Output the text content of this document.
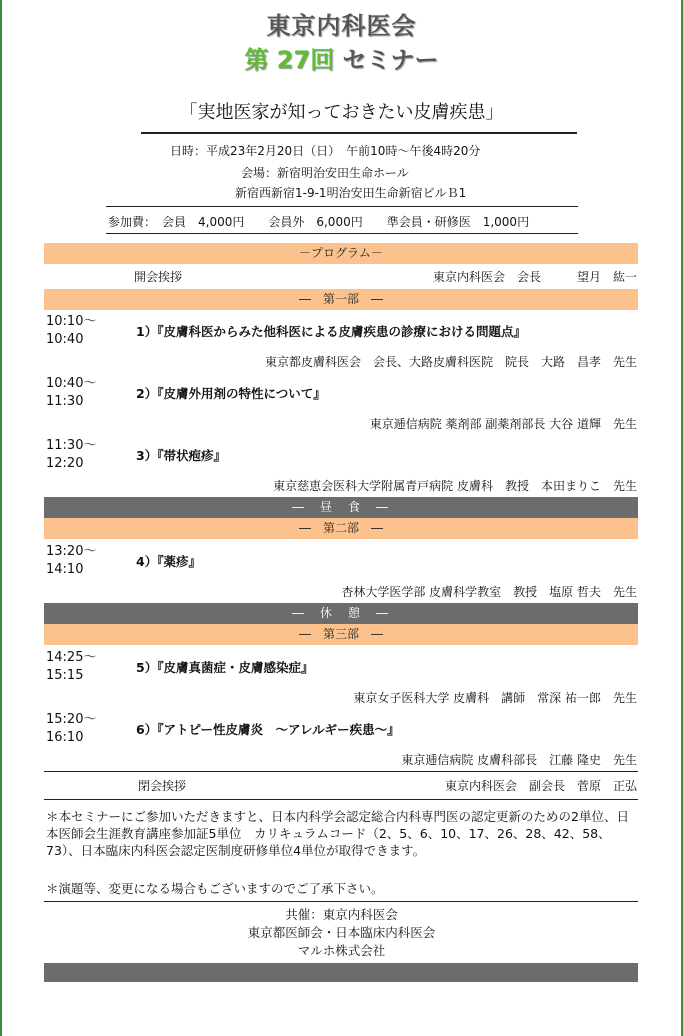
東京内科医会
第 27回 セミナー
「実地医家が知っておきたい皮膚疾患」
日時：平成23年2月20日（日）　午前10時〜午後4時20分
会場：新宿明治安田生命ホール
新宿西新宿1-9-1明治安田生命新宿ビルＢ1
参加費：　会員　4,000円　　会員外　6,000円　　準会員・研修医　1,000円
－プログラム－
開会挨拶	東京内科医会　会長　　　望月　紘一
―　第一部　―
10:10〜
10:40
1）『皮膚科医からみた他科医による皮膚疾患の診療における問題点』
東京都皮膚科医会　会長、大路皮膚科医院　院長　大路　昌孝　先生
10:40〜
11:30
2）『皮膚外用剤の特性について』
東京逓信病院 薬剤部 副薬剤部長 大谷 道輝　先生
11:30〜
12:20
3）『帯状疱疹』
東京慈恵会医科大学附属青戸病院 皮膚科　教授　本田まりこ　先生
―　昼　食　―
―　第二部　―
13:20〜
14:10
4）『薬疹』
杏林大学医学部 皮膚科学教室　教授　塩原 哲夫　先生
―　休　憩　―
―　第三部　―
14:25〜
15:15
5）『皮膚真菌症・皮膚感染症』
東京女子医科大学 皮膚科　講師　常深 祐一郎　先生
15:20〜
16:10
6）『アトピー性皮膚炎　〜アレルギー疾患〜』
東京逓信病院 皮膚科部長　江藤 隆史　先生
閉会挨拶	東京内科医会　副会長　菅原　正弘
＊本セミナーにご参加いただきますと、日本内科学会認定総合内科専門医の認定更新のための2単位、日本医師会生涯教育講座参加証5単位　カリキュラムコード（2、5、6、10、17、26、28、42、58、73）、日本臨床内科医会認定医制度研修単位4単位が取得できます。
＊演題等、変更になる場合もございますのでご了承下さい。
共催：東京内科医会
東京都医師会・日本臨床内科医会
マルホ株式会社
